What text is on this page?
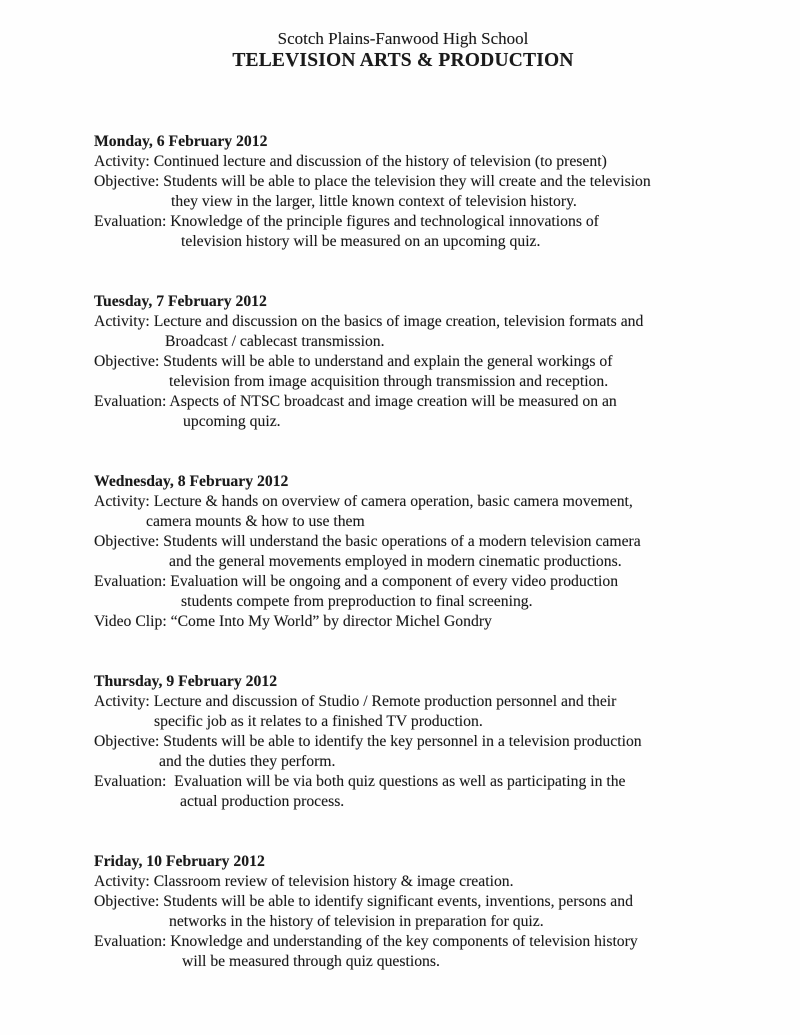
Scotch Plains-Fanwood High School
TELEVISION ARTS & PRODUCTION
Monday, 6 February 2012
Activity: Continued lecture and discussion of the history of television (to present)
Objective: Students will be able to place the television they will create and the television
they view in the larger, little known context of television history.
Evaluation: Knowledge of the principle figures and technological innovations of
television history will be measured on an upcoming quiz.
Tuesday, 7 February 2012
Activity: Lecture and discussion on the basics of image creation, television formats and
Broadcast / cablecast transmission.
Objective: Students will be able to understand and explain the general workings of
television from image acquisition through transmission and reception.
Evaluation: Aspects of NTSC broadcast and image creation will be measured on an
upcoming quiz.
Wednesday, 8 February 2012
Activity: Lecture & hands on overview of camera operation, basic camera movement,
camera mounts & how to use them
Objective: Students will understand the basic operations of a modern television camera
and the general movements employed in modern cinematic productions.
Evaluation: Evaluation will be ongoing and a component of every video production
students compete from preproduction to final screening.
Video Clip: “Come Into My World” by director Michel Gondry
Thursday, 9 February 2012
Activity: Lecture and discussion of Studio / Remote production personnel and their
specific job as it relates to a finished TV production.
Objective: Students will be able to identify the key personnel in a television production
and the duties they perform.
Evaluation:  Evaluation will be via both quiz questions as well as participating in the
actual production process.
Friday, 10 February 2012
Activity: Classroom review of television history & image creation.
Objective: Students will be able to identify significant events, inventions, persons and
networks in the history of television in preparation for quiz.
Evaluation: Knowledge and understanding of the key components of television history
will be measured through quiz questions.
